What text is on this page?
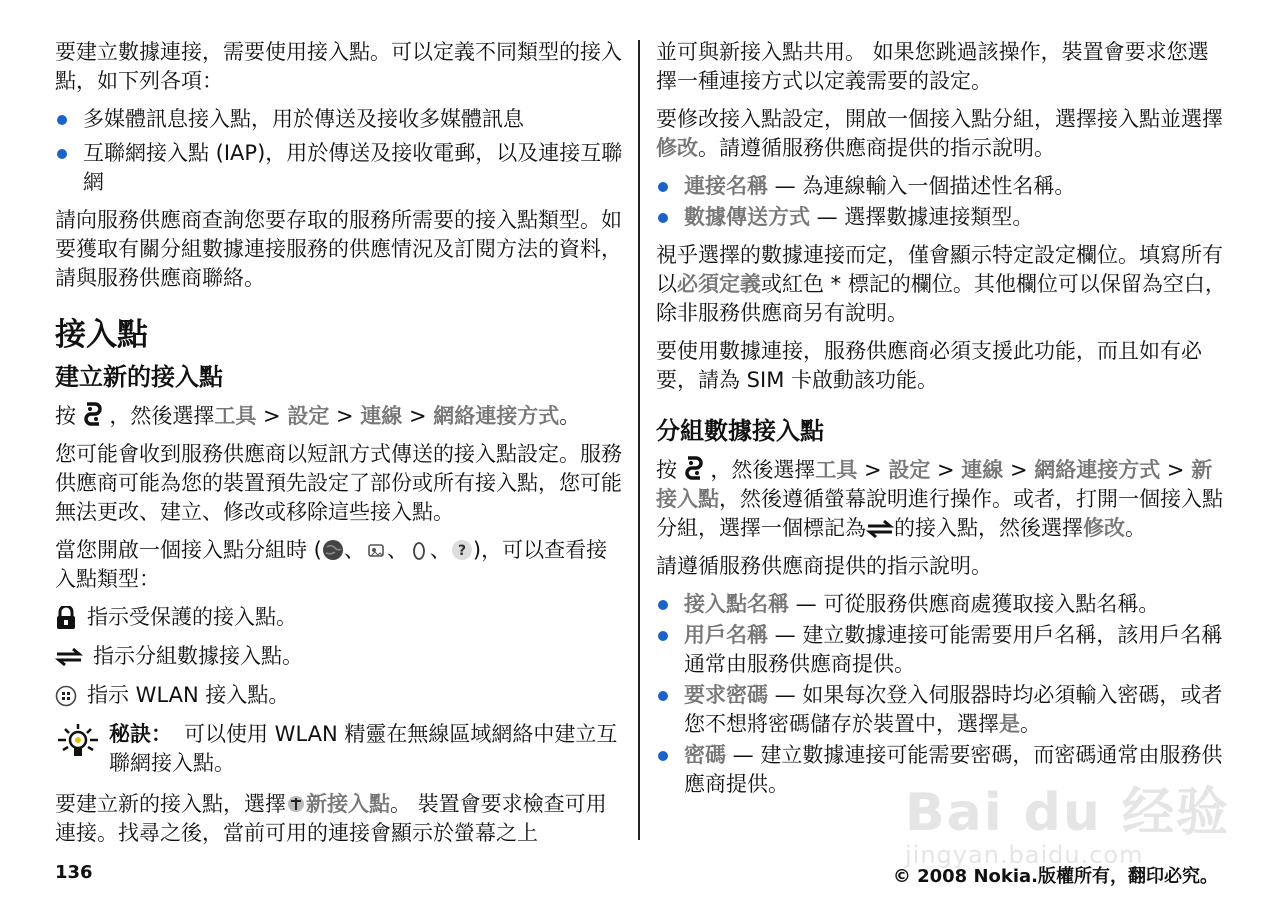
要建立數據連接，需要使用接入點。可以定義不同類型的接入點，如下列各項：

多媒體訊息接入點，用於傳送及接收多媒體訊息
互聯網接入點 (IAP)，用於傳送及接收電郵，以及連接互聯網

請向服務供應商查詢您要存取的服務所需要的接入點類型。如要獲取有關分組數據連接服務的供應情況及訂閱方法的資料，請與服務供應商聯絡。

接入點
建立新的接入點

按 ，然後選擇工具 > 設定 > 連線 > 網絡連接方式。

您可能會收到服務供應商以短訊方式傳送的接入點設定。服務供應商可能為您的裝置預先設定了部份或所有接入點，您可能無法更改、建立、修改或移除這些接入點。

當您開啟一個接入點分組時 ( 、 、 、 ? )，可以查看接入點類型：

指示受保護的接入點。
指示分組數據接入點。
指示 WLAN 接入點。
秘訣： 可以使用 WLAN 精靈在無線區域網絡中建立互聯網接入點。

要建立新的接入點，選擇 新接入點。 裝置會要求檢查可用連接。找尋之後，當前可用的連接會顯示於螢幕之上

並可與新接入點共用。 如果您跳過該操作，裝置會要求您選擇一種連接方式以定義需要的設定。

要修改接入點設定，開啟一個接入點分組，選擇接入點並選擇修改。請遵循服務供應商提供的指示說明。

連接名稱 — 為連線輸入一個描述性名稱。
數據傳送方式 — 選擇數據連接類型。

視乎選擇的數據連接而定，僅會顯示特定設定欄位。填寫所有以必須定義或紅色 * 標記的欄位。其他欄位可以保留為空白，除非服務供應商另有說明。

要使用數據連接，服務供應商必須支援此功能，而且如有必要，請為 SIM 卡啟動該功能。

分組數據接入點

按 ，然後選擇工具 > 設定 > 連線 > 網絡連接方式 > 新接入點，然後遵循螢幕說明進行操作。或者，打開一個接入點分組，選擇一個標記為 的接入點，然後選擇修改。

請遵循服務供應商提供的指示說明。

接入點名稱 — 可從服務供應商處獲取接入點名稱。
用戶名稱 — 建立數據連接可能需要用戶名稱，該用戶名稱通常由服務供應商提供。
要求密碼 — 如果每次登入伺服器時均必須輸入密碼，或者您不想將密碼儲存於裝置中，選擇是。
密碼 — 建立數據連接可能需要密碼，而密碼通常由服務供應商提供。	Bai du 经验
jingyan.baidu.com
136	© 2008 Nokia.版權所有，翻印必究。
